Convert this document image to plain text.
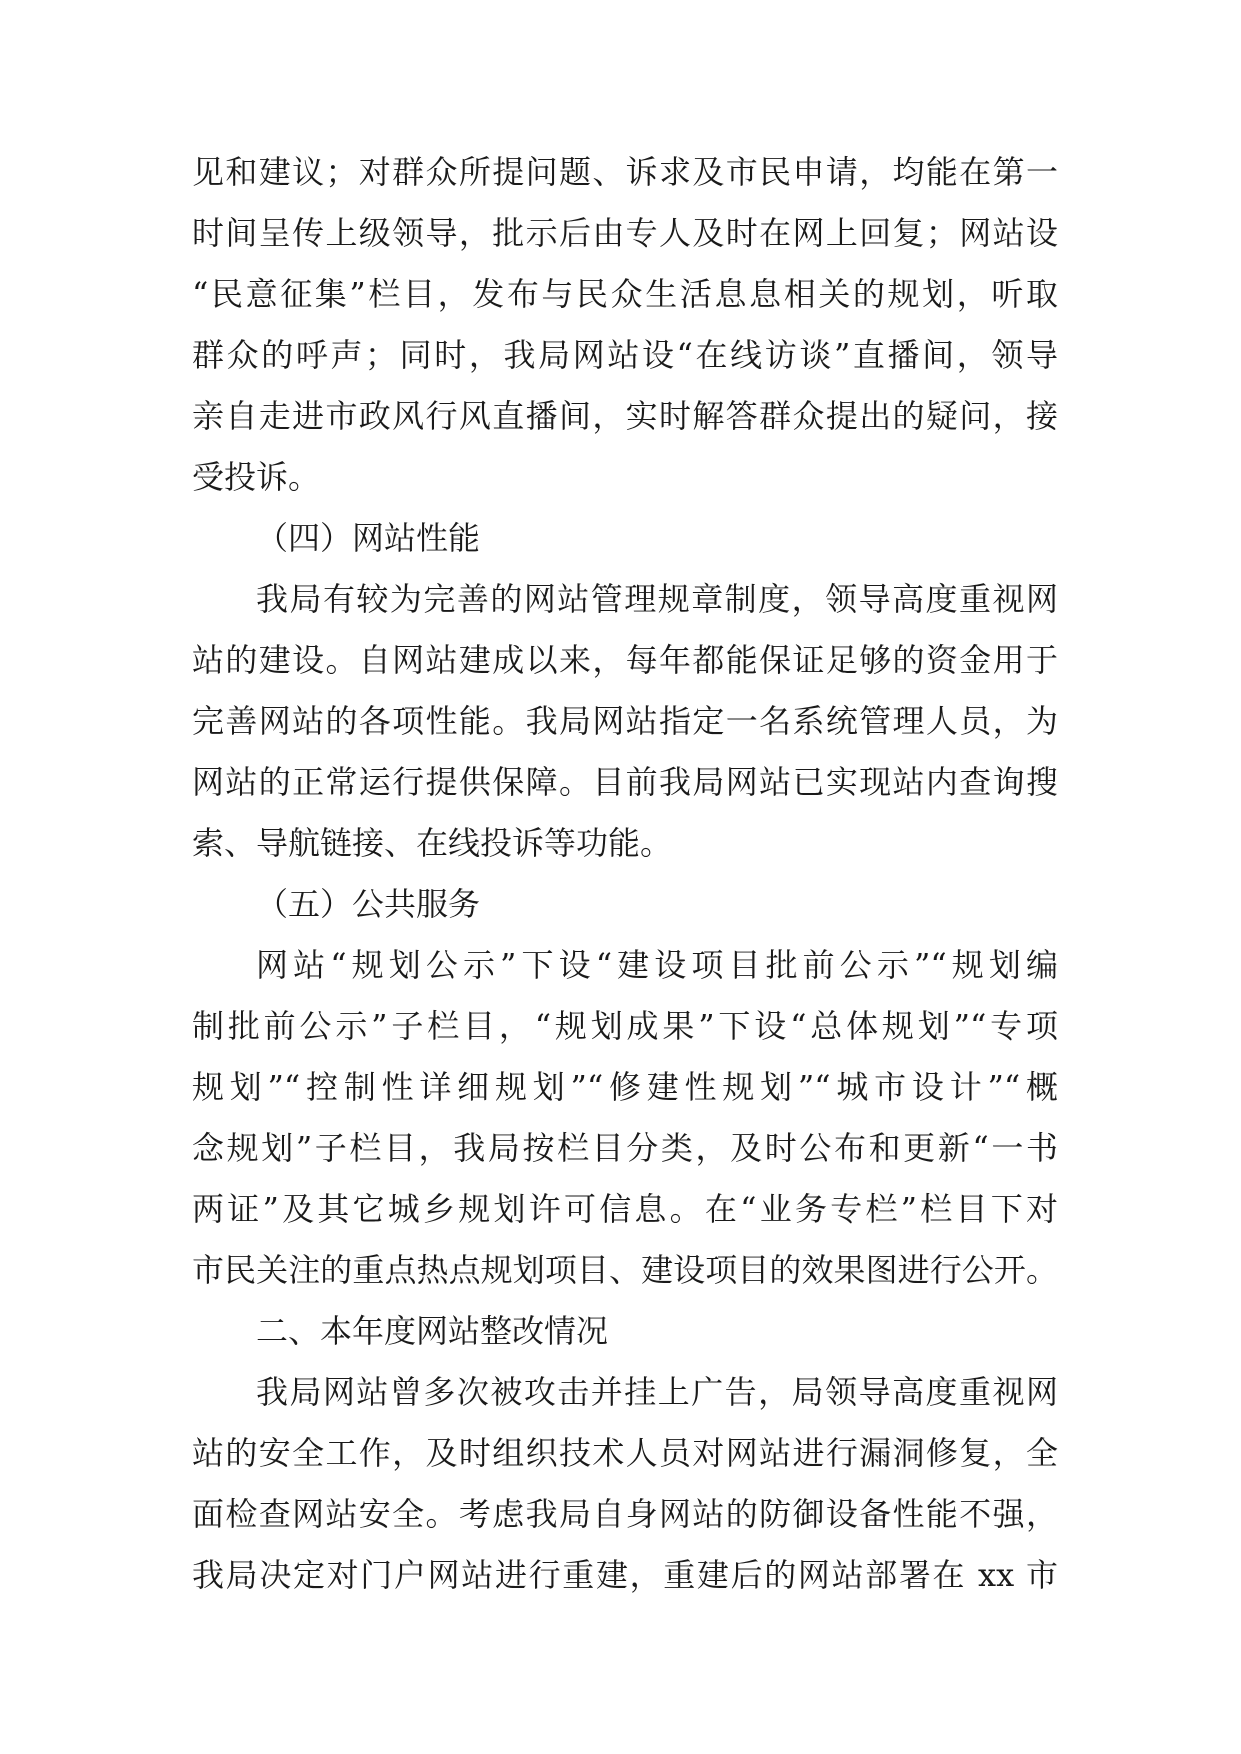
见和建议；对群众所提问题、诉求及市民申请，均能在第一
时间呈传上级领导，批示后由专人及时在网上回复；网站设
“民意征集”栏目，发布与民众生活息息相关的规划，听取
群众的呼声；同时，我局网站设“在线访谈”直播间，领导
亲自走进市政风行风直播间，实时解答群众提出的疑问，接
受投诉。
（四）网站性能
我局有较为完善的网站管理规章制度，领导高度重视网
站的建设。自网站建成以来，每年都能保证足够的资金用于
完善网站的各项性能。我局网站指定一名系统管理人员，为
网站的正常运行提供保障。目前我局网站已实现站内查询搜
索、导航链接、在线投诉等功能。
（五）公共服务
网站“规划公示”下设“建设项目批前公示”“规划编
制批前公示”子栏目，“规划成果”下设“总体规划”“专项
规划”“控制性详细规划”“修建性规划”“城市设计”“概
念规划”子栏目，我局按栏目分类，及时公布和更新“一书
两证”及其它城乡规划许可信息。在“业务专栏”栏目下对
市民关注的重点热点规划项目、建设项目的效果图进行公开。
二、本年度网站整改情况
我局网站曾多次被攻击并挂上广告，局领导高度重视网
站的安全工作，及时组织技术人员对网站进行漏洞修复，全
面检查网站安全。考虑我局自身网站的防御设备性能不强，
我局决定对门户网站进行重建，重建后的网站部署在 xx 市
